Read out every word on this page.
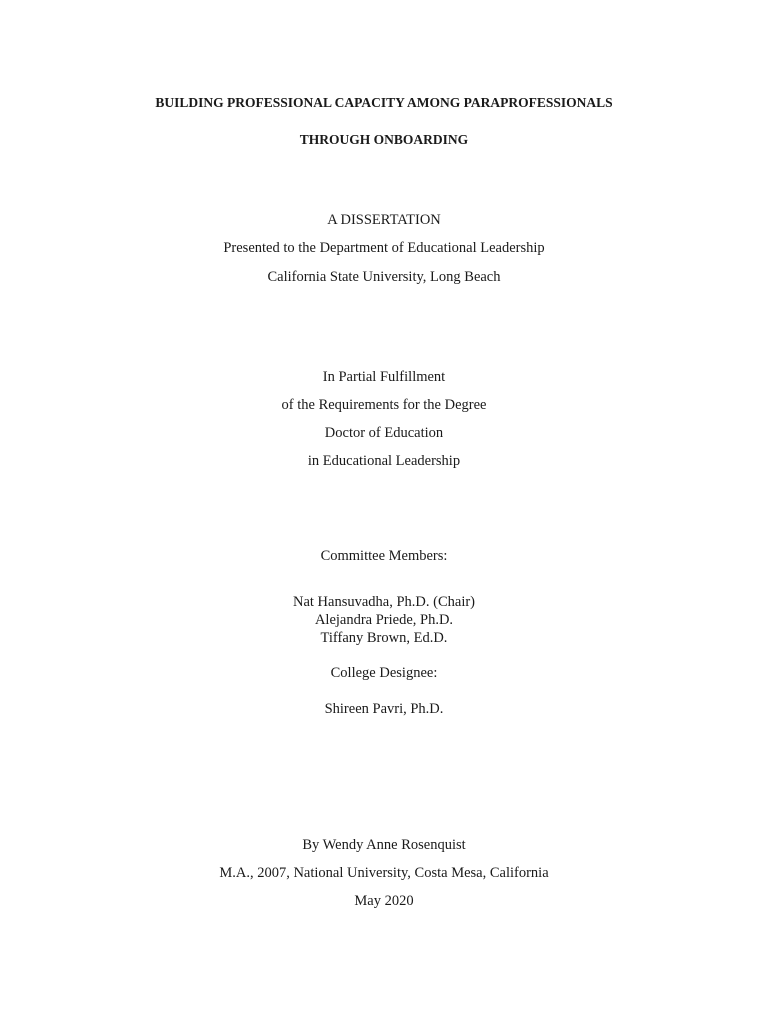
BUILDING PROFESSIONAL CAPACITY AMONG PARAPROFESSIONALS
THROUGH ONBOARDING
A DISSERTATION
Presented to the Department of Educational Leadership
California State University, Long Beach
In Partial Fulfillment
of the Requirements for the Degree
Doctor of Education
in Educational Leadership
Committee Members:
Nat Hansuvadha, Ph.D. (Chair)
Alejandra Priede, Ph.D.
Tiffany Brown, Ed.D.
College Designee:
Shireen Pavri, Ph.D.
By Wendy Anne Rosenquist
M.A., 2007, National University, Costa Mesa, California
May 2020
